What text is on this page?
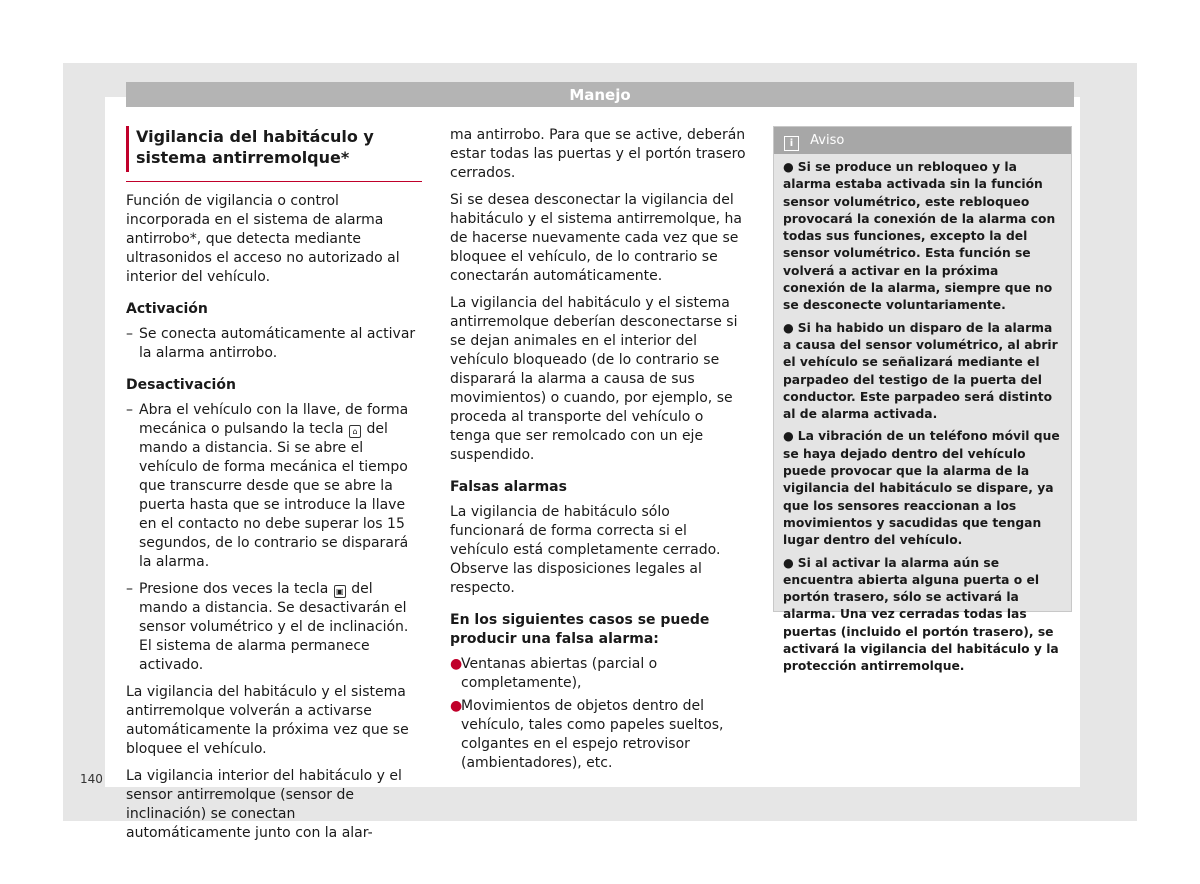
Manejo
Vigilancia del habitáculo y sistema antirremolque*

Función de vigilancia o control incorporada en el sistema de alarma antirrobo*, que detecta mediante ultrasonidos el acceso no autorizado al interior del vehículo.

Activación
– Se conecta automáticamente al activar la alarma antirrobo.
Desactivación
– Abra el vehículo con la llave, de forma mecánica o pulsando la tecla ⌂ del mando a distancia. Si se abre el vehículo de forma mecánica el tiempo que transcurre desde que se abre la puerta hasta que se introduce la llave en el contacto no debe superar los 15 segundos, de lo contrario se disparará la alarma.
– Presione dos veces la tecla ▣ del mando a distancia. Se desactivarán el sensor volumétrico y el de inclinación. El sistema de alarma permanece activado.

La vigilancia del habitáculo y el sistema antirremolque volverán a activarse automáticamente la próxima vez que se bloquee el vehículo.

La vigilancia interior del habitáculo y el sensor antirremolque (sensor de inclinación) se conectan automáticamente junto con la alar-

ma antirrobo. Para que se active, deberán estar todas las puertas y el portón trasero cerrados.

Si se desea desconectar la vigilancia del habitáculo y el sistema antirremolque, ha de hacerse nuevamente cada vez que se bloquee el vehículo, de lo contrario se conectarán automáticamente.

La vigilancia del habitáculo y el sistema antirremolque deberían desconectarse si se dejan animales en el interior del vehículo bloqueado (de lo contrario se disparará la alarma a causa de sus movimientos) o cuando, por ejemplo, se proceda al transporte del vehículo o tenga que ser remolcado con un eje suspendido.

Falsas alarmas

La vigilancia de habitáculo sólo funcionará de forma correcta si el vehículo está completamente cerrado. Observe las disposiciones legales al respecto.

En los siguientes casos se puede producir una falsa alarma:
●
Ventanas abiertas (parcial o completamente),
●
Movimientos de objetos dentro del vehículo, tales como papeles sueltos, colgantes en el espejo retrovisor (ambientadores), etc.
i Aviso
● Si se produce un rebloqueo y la alarma estaba activada sin la función sensor volumétrico, este rebloqueo provocará la conexión de la alarma con todas sus funciones, excepto la del sensor volumétrico. Esta función se volverá a activar en la próxima conexión de la alarma, siempre que no se desconecte voluntariamente.
● Si ha habido un disparo de la alarma a causa del sensor volumétrico, al abrir el vehículo se señalizará mediante el parpadeo del testigo de la puerta del conductor. Este parpadeo será distinto al de alarma activada.
● La vibración de un teléfono móvil que se haya dejado dentro del vehículo puede provocar que la alarma de la vigilancia del habitáculo se dispare, ya que los sensores reaccionan a los movimientos y sacudidas que tengan lugar dentro del vehículo.
● Si al activar la alarma aún se encuentra abierta alguna puerta o el portón trasero, sólo se activará la alarma. Una vez cerradas todas las puertas (incluido el portón trasero), se activará la vigilancia del habitáculo y la protección antirremolque.
140
